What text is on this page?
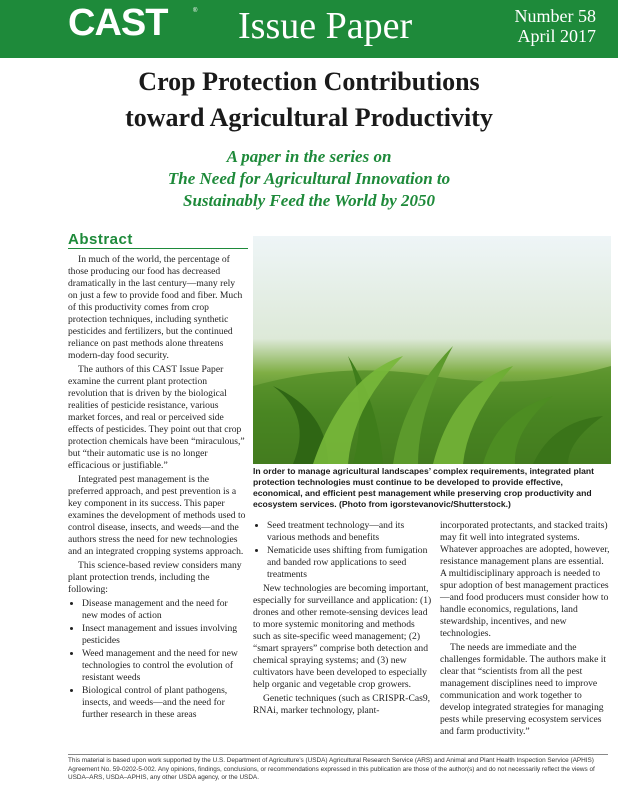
CAST	® Issue Paper	Number 58
April 2017
Crop Protection Contributions
toward Agricultural Productivity
A paper in the series on
The Need for Agricultural Innovation to
Sustainably Feed the World by 2050
Abstract

In much of the world, the percentage of those producing our food has decreased dramatically in the last century—many rely on just a few to provide food and fiber. Much of this productivity comes from crop protection techniques, including synthetic pesticides and fertilizers, but the continued reliance on past methods alone threatens modern-day food security.

The authors of this CAST Issue Paper examine the current plant protection revolution that is driven by the biological realities of pesticide resistance, various market forces, and real or perceived side effects of pesticides. They point out that crop protection chemicals have been “miraculous,” but “their automatic use is no longer efficacious or justifiable.”

Integrated pest management is the preferred approach, and pest prevention is a key component in its success. This paper examines the development of methods used to control disease, insects, and weeds—and the authors stress the need for new technologies and an integrated cropping systems approach.

This science-based review considers many plant protection trends, including the following:

• Disease management and the need for new modes of action
• Insect management and issues involving pesticides
• Weed management and the need for new technologies to control the evolution of resistant weeds
• Biological control of plant pathogens, insects, and weeds—and the need for further research in these areas
In order to manage agricultural landscapes’ complex requirements, integrated plant protection technologies must continue to be developed to provide effective, economical, and efficient pest management while preserving crop productivity and ecosystem services. (Photo from igorstevanovic/Shutterstock.)
• Seed treatment technology—and its various methods and benefits
• Nematicide uses shifting from fumigation and banded row applications to seed treatments

New technologies are becoming important, especially for surveillance and application: (1) drones and other remote-sensing devices lead to more systemic monitoring and methods such as site-specific weed management; (2) “smart sprayers” comprise both detection and chemical spraying systems; and (3) new cultivators have been developed to especially help organic and vegetable crop growers.

Genetic techniques (such as CRISPR-Cas9, RNAi, marker technology, plant-

incorporated protectants, and stacked traits) may fit well into integrated systems. Whatever approaches are adopted, however, resistance management plans are essential. A multidisciplinary approach is needed to spur adoption of best management practices—and food producers must consider how to handle economics, regulations, land stewardship, incentives, and new technologies.

The needs are immediate and the challenges formidable. The authors make it clear that “scientists from all the pest management disciplines need to improve communication and work together to develop integrated strategies for managing pests while preserving ecosystem services and farm productivity.”

This material is based upon work supported by the U.S. Department of Agriculture’s (USDA) Agricultural Research Service (ARS) and Animal and Plant Health Inspection Service (APHIS) Agreement No. 59-0202-5-002. Any opinions, findings, conclusions, or recommendations expressed in this publication are those of the author(s) and do not necessarily reflect the views of USDA–ARS, USDA–APHIS, any other USDA agency, or the USDA.
